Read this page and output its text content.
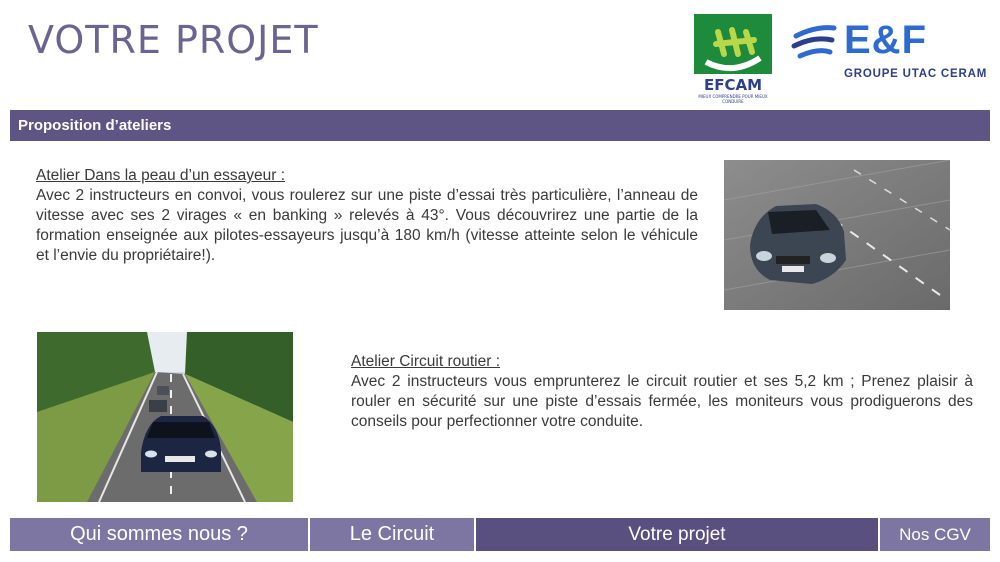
VOTRE PROJET
EFCAM
MIEUX COMPRENDRE POUR MIEUX CONDUIRE
E&F
GROUPE UTAC CERAM
Proposition d’ateliers
Atelier Dans la peau d’un essayeur :
Avec 2 instructeurs en convoi, vous roulerez sur une piste d’essai très particulière, l’anneau de vitesse avec ses 2 virages « en banking » relevés à 43°. Vous découvrirez une partie de la formation enseignée aux pilotes-essayeurs jusqu’à 180 km/h (vitesse atteinte selon le véhicule et l’envie du propriétaire!).
Atelier Circuit routier :
Avec 2 instructeurs vous emprunterez le circuit routier et ses 5,2 km ; Prenez plaisir à rouler en sécurité sur une piste d’essais fermée, les moniteurs vous prodiguerons des conseils pour perfectionner votre conduite.
Qui sommes nous ?	Le Circuit	Votre projet	Nos CGV
